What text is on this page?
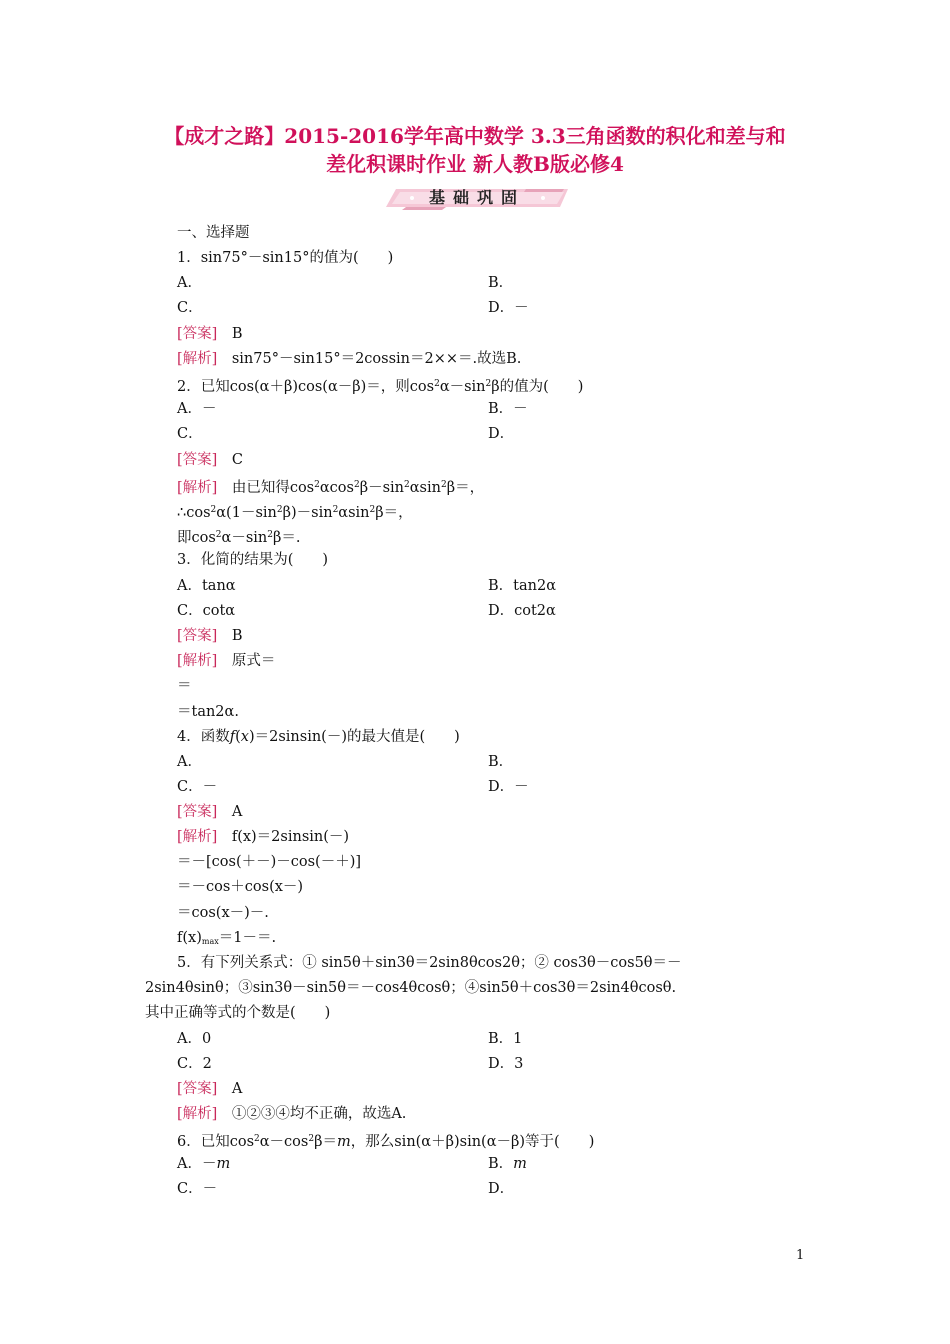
【成才之路】2015-2016学年高中数学 3.3三角函数的积化和差与和
差化积课时作业 新人教B版必修4
基础巩固
一、选择题
1．sin75°－sin15°的值为(　　)
A．	B．
C．	D．－
[答案]　 B
[解析]　 sin75°－sin15°＝2cossin＝2××＝.故选B.
2．已知cos(α＋β)cos(α－β)＝，则$\cos^2\alpha-\sin^2\beta$的值为(　　)
A．－	B．－
C．	D．
[答案]　 C
[解析]　 由已知得$\cos^2\alpha\cos^2\beta-\sin^2\alpha\sin^2\beta=$，
$\therefore\cos^2\alpha(1-\sin^2\beta)-\sin^2\alpha\sin^2\beta=$，
即$\cos^2\alpha-\sin^2\beta=$.
3．化简的结果为(　　)
A．tanα	B．tan2α
C．cotα	D．cot2α
[答案]　 B
[解析]　 原式＝
＝
＝tan2α.
4．函数f(x)＝2sinsin(－)的最大值是(　　)
A．	B．
C．－	D．－
[答案]　 A
[解析]　 f(x)＝2sinsin(－)
＝－[cos(＋－)－cos(－＋)]
＝－cos＋cos(x－)
＝cos(x－)－.
$f(x)_{max}=1-=$.
5．有下列关系式：① sin5θ＋sin3θ＝2sin8θcos2θ；② cos3θ－cos5θ＝－
2sin4θsinθ；③sin3θ－sin5θ＝－cos4θcosθ；④sin5θ＋cos3θ＝2sin4θcosθ.
其中正确等式的个数是(　　)
A．0	B．1
C．2	D．3
[答案]　 A
[解析]　 ①②③④均不正确，故选A.
6．已知$\cos^2\alpha-\cos^2\beta=m$，那么sin(α＋β)sin(α－β)等于(　　)
A．－m	B．m
C．－	D．
1
